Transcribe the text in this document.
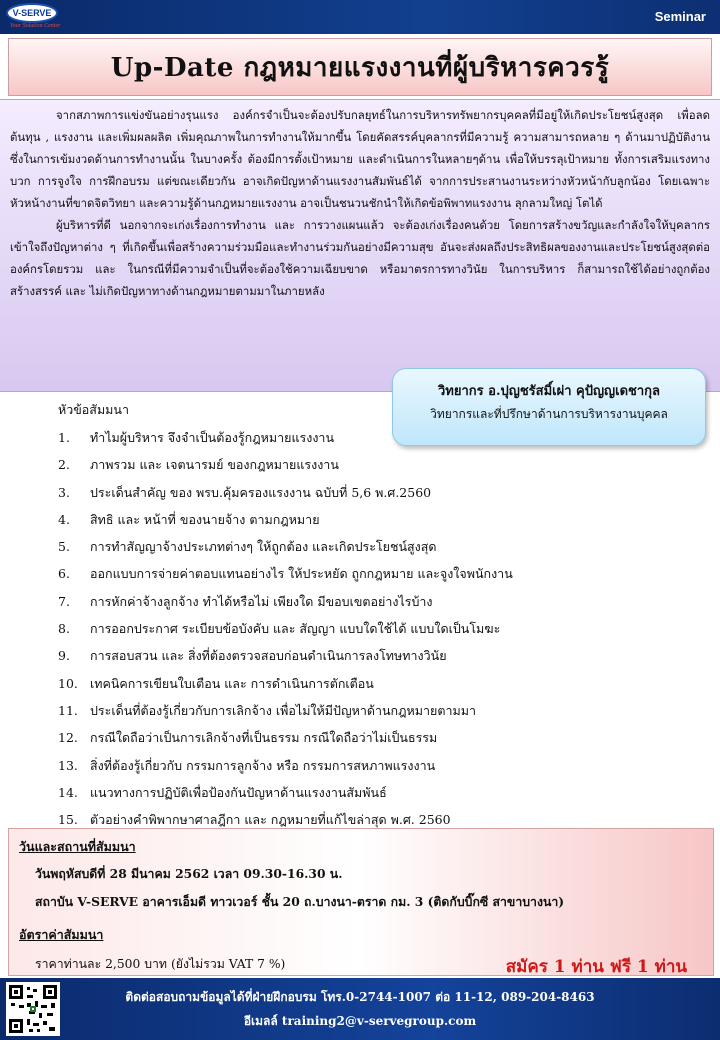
V-SERVE
Your Solution Center
Seminar
Up-Date กฎหมายแรงงานที่ผู้บริหารควรรู้

จากสภาพการแข่งขันอย่างรุนแรง องค์กรจำเป็นจะต้องปรับกลยุทธ์ในการบริหารทรัพยากรบุคคลที่มีอยู่ให้เกิดประโยชน์สูงสุด เพื่อลดต้นทุน , แรงงาน และเพิ่มผลผลิต เพิ่มคุณภาพในการทำงานให้มากขึ้น โดยคัดสรรค์บุคลากรที่มีความรู้ ความสามารถหลาย ๆ ด้านมาปฏิบัติงาน ซึ่งในการเข้มงวดด้านการทำงานนั้น ในบางครั้ง ต้องมีการตั้งเป้าหมาย และดำเนินการในหลายๆด้าน เพื่อให้บรรลุเป้าหมาย ทั้งการเสริมแรงทางบวก การจูงใจ การฝึกอบรม แต่ขณะเดียวกัน อาจเกิดปัญหาด้านแรงงานสัมพันธ์ได้ จากการประสานงานระหว่างหัวหน้ากับลูกน้อง โดยเฉพาะหัวหน้างานที่ขาดจิตวิทยา และความรู้ด้านกฎหมายแรงงาน อาจเป็นชนวนชักนำให้เกิดข้อพิพาทแรงงาน ลุกลามใหญ่ โตได้

ผู้บริหารที่ดี นอกจากจะเก่งเรื่องการทำงาน และ การวางแผนแล้ว จะต้องเก่งเรื่องคนด้วย โดยการสร้างขวัญและกำลังใจให้บุคลากร เข้าใจถึงปัญหาต่าง ๆ ที่เกิดขึ้นเพื่อสร้างความร่วมมือและทำงานร่วมกันอย่างมีความสุข อันจะส่งผลถึงประสิทธิผลของงานและประโยชน์สูงสุดต่อองค์กรโดยรวม และ ในกรณีที่มีความจำเป็นที่จะต้องใช้ความเฉียบขาด หรือมาตรการทางวินัย ในการบริหาร ก็สามารถใช้ได้อย่างถูกต้อง สร้างสรรค์ และ ไม่เกิดปัญหาทางด้านกฎหมายตามมาในภายหลัง

วิทยากร อ.ปุญชรัสมิ์เผ่า คุปัญญเดชากุล
วิทยากรและที่ปรึกษาด้านการบริหารงานบุคคล
หัวข้อสัมมนา
1.	ทำไมผู้บริหาร จึงจำเป็นต้องรู้กฎหมายแรงงาน
2.	ภาพรวม และ เจตนารมย์ ของกฎหมายแรงงาน
3.	ประเด็นสำคัญ ของ พรบ.คุ้มครองแรงงาน ฉบับที่ 5,6 พ.ศ.2560
4.	สิทธิ และ หน้าที่ ของนายจ้าง ตามกฎหมาย
5.	การทำสัญญาจ้างประเภทต่างๆ ให้ถูกต้อง และเกิดประโยชน์สูงสุด
6.	ออกแบบการจ่ายค่าตอบแทนอย่างไร ให้ประหยัด ถูกกฎหมาย และจูงใจพนักงาน
7.	การหักค่าจ้างลูกจ้าง ทำได้หรือไม่ เพียงใด มีขอบเขตอย่างไรบ้าง
8.	การออกประกาศ ระเบียบข้อบังคับ และ สัญญา แบบใดใช้ได้ แบบใดเป็นโมฆะ
9.	การสอบสวน และ สิ่งที่ต้องตรวจสอบก่อนดำเนินการลงโทษทางวินัย
10. เทคนิคการเขียนใบเตือน และ การดำเนินการตักเตือน
11. ประเด็นที่ต้องรู้เกี่ยวกับการเลิกจ้าง เพื่อไม่ให้มีปัญหาด้านกฎหมายตามมา
12. กรณีใดถือว่าเป็นการเลิกจ้างที่เป็นธรรม กรณีใดถือว่าไม่เป็นธรรม
13. สิ่งที่ต้องรู้เกี่ยวกับ กรรมการลูกจ้าง หรือ กรรมการสหภาพแรงงาน
14. แนวทางการปฏิบัติเพื่อป้องกันปัญหาด้านแรงงานสัมพันธ์
15. ตัวอย่างคำพิพากษาศาลฎีกา และ กฎหมายที่แก้ไขล่าสุด พ.ศ. 2560
วันและสถานที่สัมมนา
วันพฤหัสบดีที่ 28 มีนาคม 2562 เวลา 09.30-16.30 น.
สถาบัน V-SERVE อาคารเอ็มดี ทาวเวอร์ ชั้น 20 ถ.บางนา-ตราด กม. 3 (ติดกับบิ๊กซี สาขาบางนา)
อัตราค่าสัมมนา
ราคาท่านละ 2,500 บาท (ยังไม่รวม VAT 7 %)	สมัคร 1 ท่าน ฟรี 1 ท่าน
ติดต่อสอบถามข้อมูลได้ที่ฝ่ายฝึกอบรม โทร.0-2744-1007 ต่อ 11-12, 089-204-8463
อีเมลล์ training2@v-servegroup.com
